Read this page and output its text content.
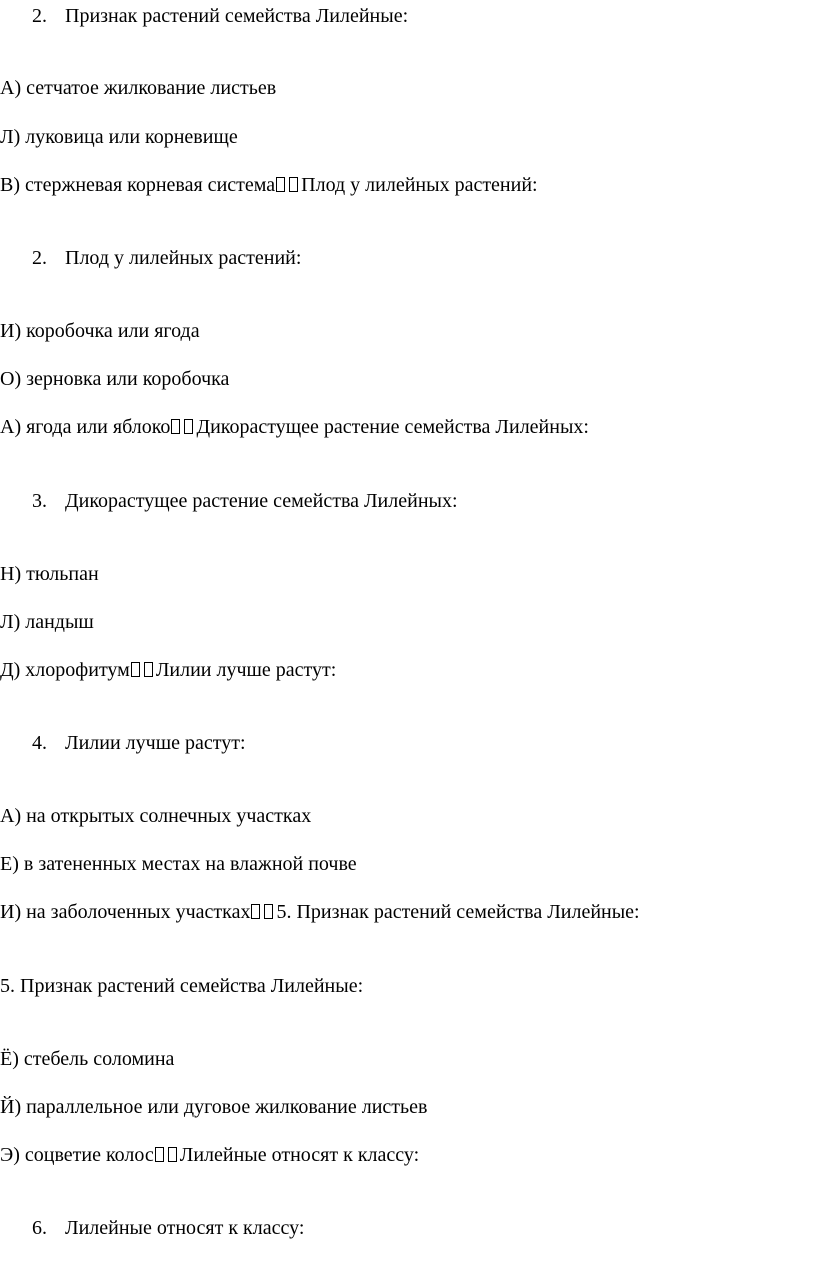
2. Признак растений семейства Лилейные:
А) сетчатое жилкование листьев
Л) луковица или корневище
В) стержневая корневая система Плод у лилейных растений:
2. Плод у лилейных растений:
И) коробочка или ягода
О) зерновка или коробочка
А) ягода или яблоко Дикорастущее растение семейства Лилейных:
3. Дикорастущее растение семейства Лилейных:
Н) тюльпан
Л) ландыш
Д) хлорофитум Лилии лучше растут:
4. Лилии лучше растут:
А) на открытых солнечных участках
Е) в затененных местах на влажной почве
И) на заболоченных участках 5. Признак растений семейства Лилейные:
5. Признак растений семейства Лилейные:
Ё) стебель соломина
Й) параллельное или дуговое жилкование листьев
Э) соцветие колос Лилейные относят к классу:
6. Лилейные относят к классу:
